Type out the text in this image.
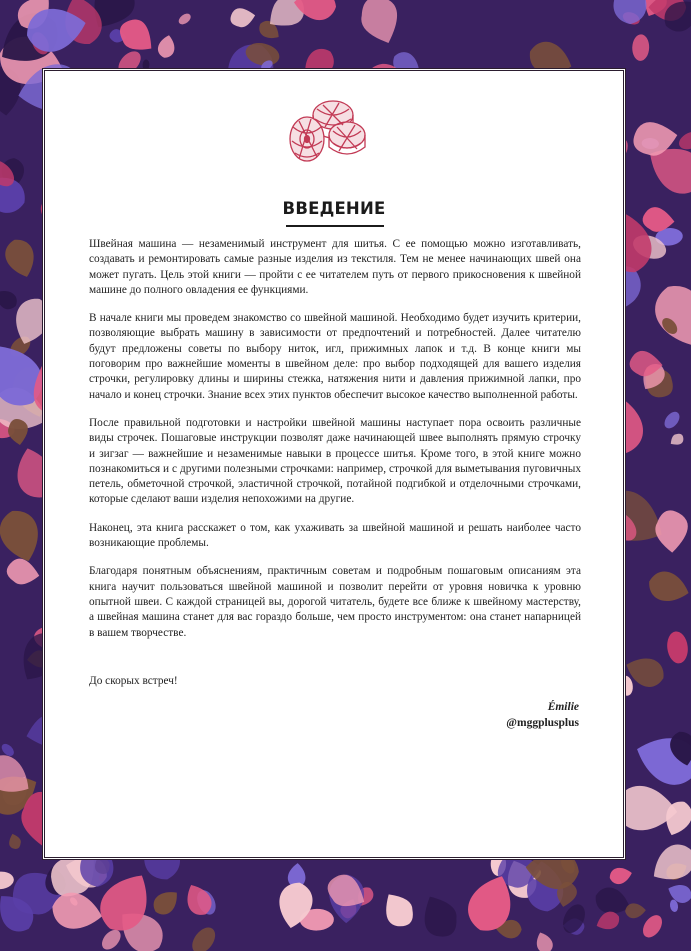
ВВЕДЕНИЕ

Швейная машина — незаменимый инструмент для шитья. С ее помощью можно изготавливать, создавать и ремонтировать самые разные изделия из текстиля. Тем не менее начинающих швей она может пугать. Цель этой книги — пройти с ее читателем путь от первого прикосновения к швейной машине до полного овладения ее функциями.

В начале книги мы проведем знакомство со швейной машиной. Необходимо будет изучить критерии, позволяющие выбрать машину в зависимости от предпочтений и потребностей. Далее читателю будут предложены советы по выбору ниток, игл, прижимных лапок и т.д. В конце книги мы поговорим про важнейшие моменты в швейном деле: про выбор подходящей для вашего изделия строчки, регулировку длины и ширины стежка, натяжения нити и давления прижимной лапки, про начало и конец строчки. Знание всех этих пунктов обеспечит высокое качество выполненной работы.

После правильной подготовки и настройки швейной машины наступает пора освоить различные виды строчек. Пошаговые инструкции позволят даже начинающей швее выполнять прямую строчку и зигзаг — важнейшие и незаменимые навыки в процессе шитья. Кроме того, в этой книге можно познакомиться и с другими полезными строчками: например, строчкой для выметывания пуговичных петель, обметочной строчкой, эластичной строчкой, потайной подгибкой и отделочными строчками, которые сделают ваши изделия непохожими на другие.

Наконец, эта книга расскажет о том, как ухаживать за швейной машиной и решать наиболее часто возникающие проблемы.

Благодаря понятным объяснениям, практичным советам и подробным пошаговым описаниям эта книга научит пользоваться швейной машиной и позволит перейти от уровня новичка к уровню опытной швеи. С каждой страницей вы, дорогой читатель, будете все ближе к швейному мастерству, а швейная машина станет для вас гораздо больше, чем просто инструментом: она станет напарницей в вашем творчестве.

До скорых встреч!
Émilie
@mggplusplus
